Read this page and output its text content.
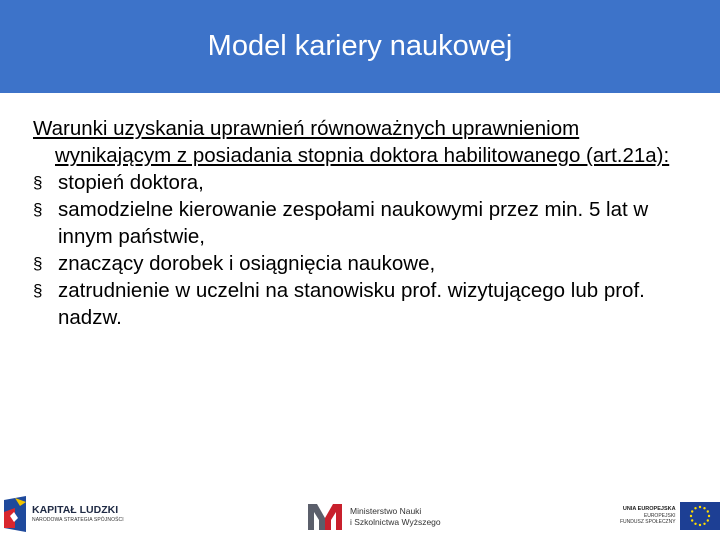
Model kariery naukowej

Warunki uzyskania uprawnień równoważnych uprawnieniom wynikającym z posiadania stopnia doktora habilitowanego (art.21a):

§ stopień doktora,
§ samodzielne kierowanie zespołami naukowymi przez min. 5 lat w innym państwie,
§ znaczący dorobek i osiągnięcia naukowe,
§ zatrudnienie w uczelni na stanowisku prof. wizytującego lub prof. nadzw.
KAPITAŁ LUDZKI
NARODOWA STRATEGIA SPÓJNOŚCI
Ministerstwo Nauki
i Szkolnictwa Wyższego
UNIA EUROPEJSKA
EUROPEJSKI
FUNDUSZ SPOŁECZNY
